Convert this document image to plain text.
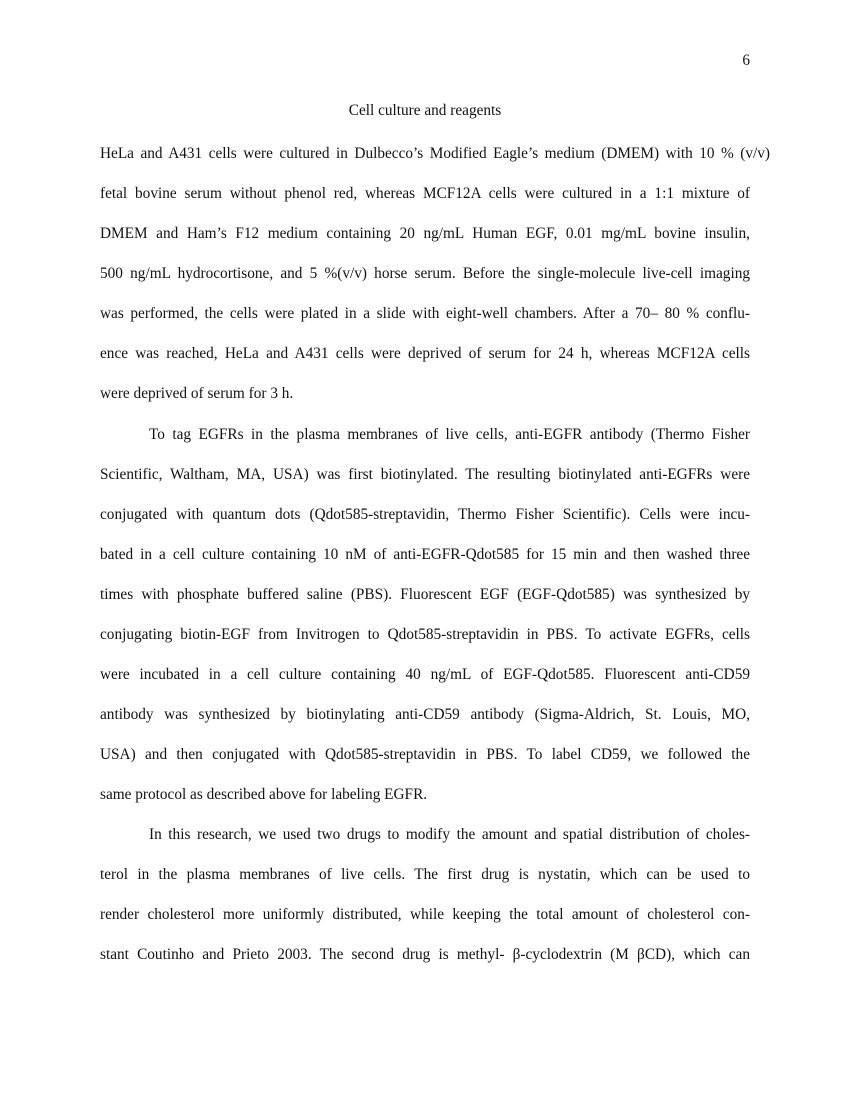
6
Cell culture and reagents
HeLa and A431 cells were cultured in Dulbecco’s Modified Eagle’s medium (DMEM) with 10 % (v/v)
fetal bovine serum without phenol red, whereas MCF12A cells were cultured in a 1:1 mixture of
DMEM and Ham’s F12 medium containing 20 ng/mL Human EGF, 0.01 mg/mL bovine insulin,
500 ng/mL hydrocortisone, and 5 %(v/v) horse serum. Before the single-molecule live-cell imaging
was performed, the cells were plated in a slide with eight-well chambers. After a 70– 80 % conflu-
ence was reached, HeLa and A431 cells were deprived of serum for 24 h, whereas MCF12A cells
were deprived of serum for 3 h.
To tag EGFRs in the plasma membranes of live cells, anti-EGFR antibody (Thermo Fisher
Scientific, Waltham, MA, USA) was first biotinylated. The resulting biotinylated anti-EGFRs were
conjugated with quantum dots (Qdot585-streptavidin, Thermo Fisher Scientific). Cells were incu-
bated in a cell culture containing 10 nM of anti-EGFR-Qdot585 for 15 min and then washed three
times with phosphate buffered saline (PBS). Fluorescent EGF (EGF-Qdot585) was synthesized by
conjugating biotin-EGF from Invitrogen to Qdot585-streptavidin in PBS. To activate EGFRs, cells
were incubated in a cell culture containing 40 ng/mL of EGF-Qdot585. Fluorescent anti-CD59
antibody was synthesized by biotinylating anti-CD59 antibody (Sigma-Aldrich, St. Louis, MO,
USA) and then conjugated with Qdot585-streptavidin in PBS. To label CD59, we followed the
same protocol as described above for labeling EGFR.
In this research, we used two drugs to modify the amount and spatial distribution of choles-
terol in the plasma membranes of live cells. The first drug is nystatin, which can be used to
render cholesterol more uniformly distributed, while keeping the total amount of cholesterol con-
stant Coutinho and Prieto 2003. The second drug is methyl- β-cyclodextrin (M βCD), which can
